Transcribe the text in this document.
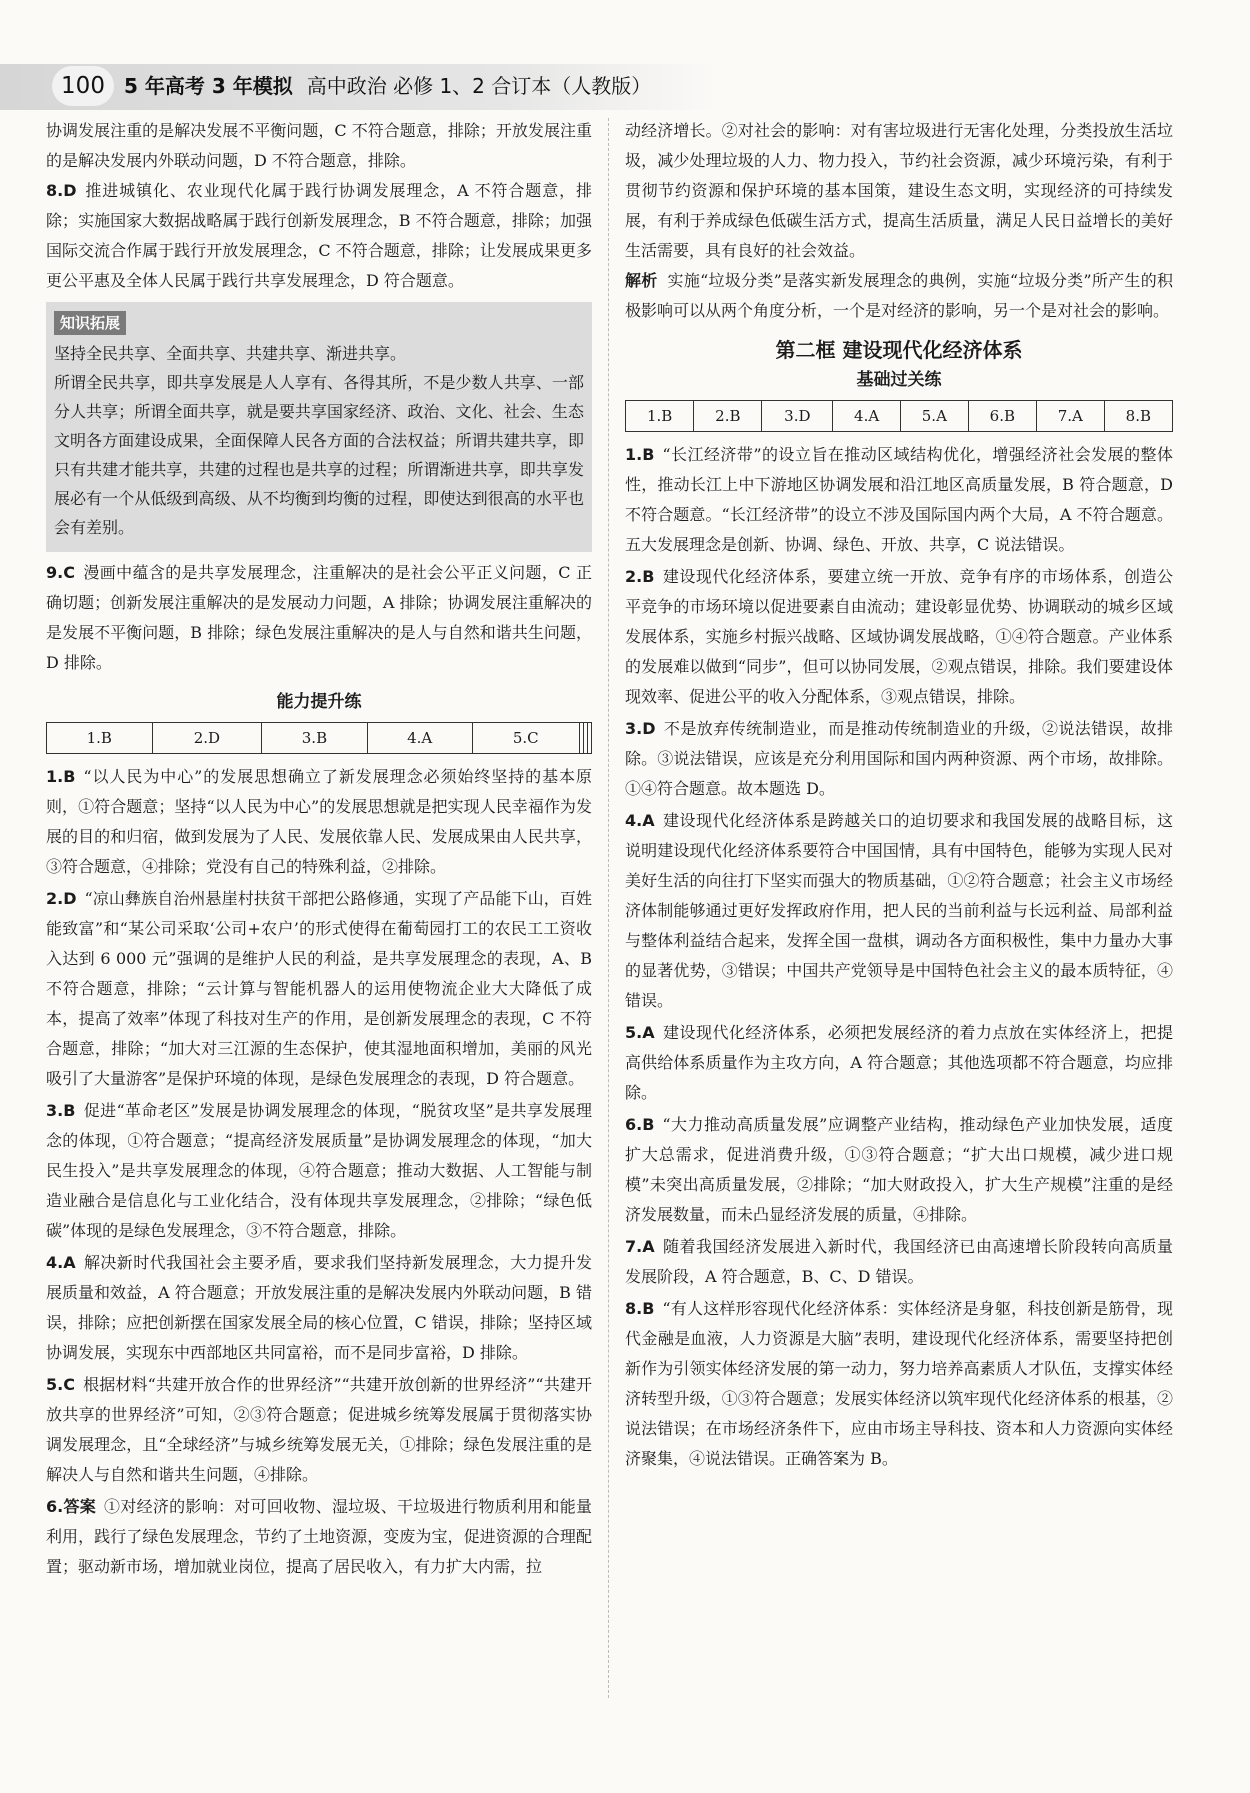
100 5 年高考 3 年模拟 高中政治 必修 1、2 合订本（人教版）

协调发展注重的是解决发展不平衡问题，C 不符合题意，排除；开放发展注重的是解决发展内外联动问题，D 不符合题意，排除。

8.D 推进城镇化、农业现代化属于践行协调发展理念，A 不符合题意，排除；实施国家大数据战略属于践行创新发展理念，B 不符合题意，排除；加强国际交流合作属于践行开放发展理念，C 不符合题意，排除；让发展成果更多更公平惠及全体人民属于践行共享发展理念，D 符合题意。

知识拓展

坚持全民共享、全面共享、共建共享、渐进共享。

所谓全民共享，即共享发展是人人享有、各得其所，不是少数人共享、一部分人共享；所谓全面共享，就是要共享国家经济、政治、文化、社会、生态文明各方面建设成果，全面保障人民各方面的合法权益；所谓共建共享，即只有共建才能共享，共建的过程也是共享的过程；所谓渐进共享，即共享发展必有一个从低级到高级、从不均衡到均衡的过程，即使达到很高的水平也会有差别。

9.C 漫画中蕴含的是共享发展理念，注重解决的是社会公平正义问题，C 正确切题；创新发展注重解决的是发展动力问题，A 排除；协调发展注重解决的是发展不平衡问题，B 排除；绿色发展注重解决的是人与自然和谐共生问题，D 排除。

能力提升练
1.B	2.D	3.B	4.A	5.C			

1.B “以人民为中心”的发展思想确立了新发展理念必须始终坚持的基本原则，①符合题意；坚持“以人民为中心”的发展思想就是把实现人民幸福作为发展的目的和归宿，做到发展为了人民、发展依靠人民、发展成果由人民共享，③符合题意，④排除；党没有自己的特殊利益，②排除。

2.D “凉山彝族自治州悬崖村扶贫干部把公路修通，实现了产品能下山，百姓能致富”和“某公司采取‘公司+农户’的形式使得在葡萄园打工的农民工工资收入达到 6 000 元”强调的是维护人民的利益，是共享发展理念的表现，A、B 不符合题意，排除；“云计算与智能机器人的运用使物流企业大大降低了成本，提高了效率”体现了科技对生产的作用，是创新发展理念的表现，C 不符合题意，排除；“加大对三江源的生态保护，使其湿地面积增加，美丽的风光吸引了大量游客”是保护环境的体现，是绿色发展理念的表现，D 符合题意。

3.B 促进“革命老区”发展是协调发展理念的体现，“脱贫攻坚”是共享发展理念的体现，①符合题意；“提高经济发展质量”是协调发展理念的体现，“加大民生投入”是共享发展理念的体现，④符合题意；推动大数据、人工智能与制造业融合是信息化与工业化结合，没有体现共享发展理念，②排除；“绿色低碳”体现的是绿色发展理念，③不符合题意，排除。

4.A 解决新时代我国社会主要矛盾，要求我们坚持新发展理念，大力提升发展质量和效益，A 符合题意；开放发展注重的是解决发展内外联动问题，B 错误，排除；应把创新摆在国家发展全局的核心位置，C 错误，排除；坚持区域协调发展，实现东中西部地区共同富裕，而不是同步富裕，D 排除。

5.C 根据材料“共建开放合作的世界经济”“共建开放创新的世界经济”“共建开放共享的世界经济”可知，②③符合题意；促进城乡统筹发展属于贯彻落实协调发展理念，且“全球经济”与城乡统筹发展无关，①排除；绿色发展注重的是解决人与自然和谐共生问题，④排除。

6.答案 ①对经济的影响：对可回收物、湿垃圾、干垃圾进行物质利用和能量利用，践行了绿色发展理念，节约了土地资源，变废为宝，促进资源的合理配置；驱动新市场，增加就业岗位，提高了居民收入，有力扩大内需，拉

动经济增长。②对社会的影响：对有害垃圾进行无害化处理，分类投放生活垃圾，减少处理垃圾的人力、物力投入，节约社会资源，减少环境污染，有利于贯彻节约资源和保护环境的基本国策，建设生态文明，实现经济的可持续发展，有利于养成绿色低碳生活方式，提高生活质量，满足人民日益增长的美好生活需要，具有良好的社会效益。

解析 实施“垃圾分类”是落实新发展理念的典例，实施“垃圾分类”所产生的积极影响可以从两个角度分析，一个是对经济的影响，另一个是对社会的影响。

第二框 建设现代化经济体系
基础过关练
1.B	2.B	3.D	4.A	5.A	6.B	7.A	8.B

1.B “长江经济带”的设立旨在推动区域结构优化，增强经济社会发展的整体性，推动长江上中下游地区协调发展和沿江地区高质量发展，B 符合题意，D 不符合题意。“长江经济带”的设立不涉及国际国内两个大局，A 不符合题意。五大发展理念是创新、协调、绿色、开放、共享，C 说法错误。

2.B 建设现代化经济体系，要建立统一开放、竞争有序的市场体系，创造公平竞争的市场环境以促进要素自由流动；建设彰显优势、协调联动的城乡区域发展体系，实施乡村振兴战略、区域协调发展战略，①④符合题意。产业体系的发展难以做到“同步”，但可以协同发展，②观点错误，排除。我们要建设体现效率、促进公平的收入分配体系，③观点错误，排除。

3.D 不是放弃传统制造业，而是推动传统制造业的升级，②说法错误，故排除。③说法错误，应该是充分利用国际和国内两种资源、两个市场，故排除。①④符合题意。故本题选 D。

4.A 建设现代化经济体系是跨越关口的迫切要求和我国发展的战略目标，这说明建设现代化经济体系要符合中国国情，具有中国特色，能够为实现人民对美好生活的向往打下坚实而强大的物质基础，①②符合题意；社会主义市场经济体制能够通过更好发挥政府作用，把人民的当前利益与长远利益、局部利益与整体利益结合起来，发挥全国一盘棋，调动各方面积极性，集中力量办大事的显著优势，③错误；中国共产党领导是中国特色社会主义的最本质特征，④错误。

5.A 建设现代化经济体系，必须把发展经济的着力点放在实体经济上，把提高供给体系质量作为主攻方向，A 符合题意；其他选项都不符合题意，均应排除。

6.B “大力推动高质量发展”应调整产业结构，推动绿色产业加快发展，适度扩大总需求，促进消费升级，①③符合题意；“扩大出口规模，减少进口规模”未突出高质量发展，②排除；“加大财政投入，扩大生产规模”注重的是经济发展数量，而未凸显经济发展的质量，④排除。

7.A 随着我国经济发展进入新时代，我国经济已由高速增长阶段转向高质量发展阶段，A 符合题意，B、C、D 错误。

8.B “有人这样形容现代化经济体系：实体经济是身躯，科技创新是筋骨，现代金融是血液，人力资源是大脑”表明，建设现代化经济体系，需要坚持把创新作为引领实体经济发展的第一动力，努力培养高素质人才队伍，支撑实体经济转型升级，①③符合题意；发展实体经济以筑牢现代化经济体系的根基，②说法错误；在市场经济条件下，应由市场主导科技、资本和人力资源向实体经济聚集，④说法错误。正确答案为 B。
